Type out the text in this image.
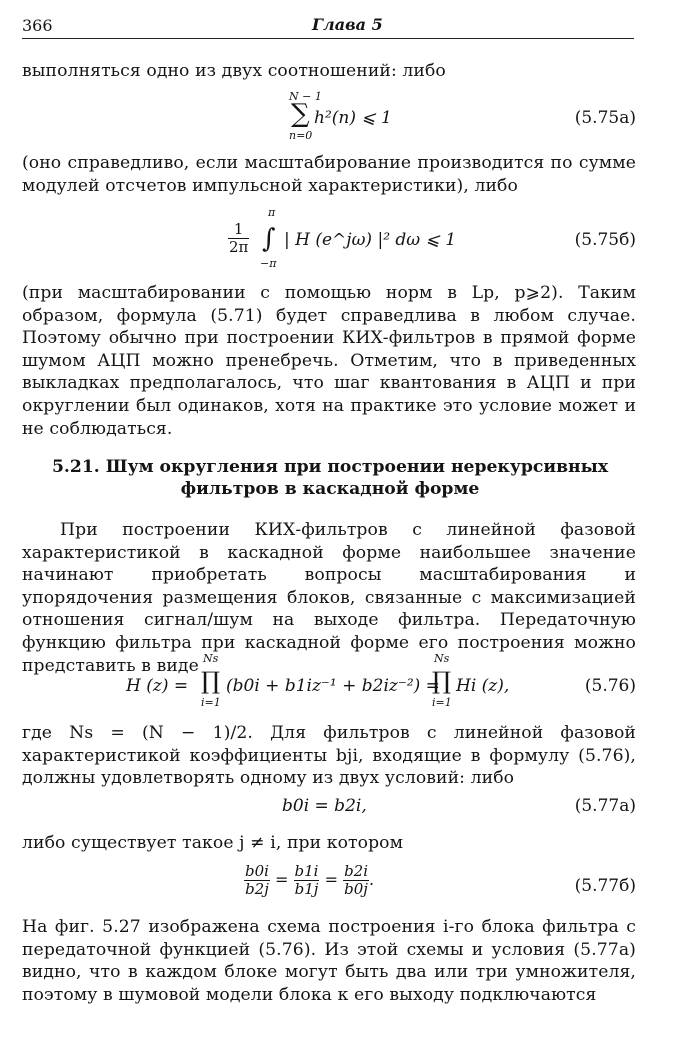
366	Глава 5

выполняться одно из двух соотношений: либо

N − 1
∑
n=0
h²(n) ⩽ 1	(5.75а)

(оно справедливо, если масштабирование производится по сумме модулей отсчетов импульсной характеристики), либо

$\frac{1}{2\pi}$
π
∫
−π
| H (e^jω) |² dω ⩽ 1	(5.75б)

(при масштабировании с помощью норм в Lp, p⩾2). Таким образом, формула (5.71) будет справедлива в любом случае. Поэтому обычно при построении КИХ-фильтров в прямой форме шумом АЦП можно пренебречь. Отметим, что в приведенных выкладках предполагалось, что шаг квантования в АЦП и при округлении был одинаков, хотя на практике это условие может и не соблюдаться.

5.21. Шум округления при построении нерекурсивных

фильтров в каскадной форме

При построении КИХ-фильтров с линейной фазовой характеристикой в каскадной форме наибольшее значение начинают приобретать вопросы масштабирования и упорядочения размещения блоков, связанные с максимизацией отношения сигнал/шум на выходе фильтра. Передаточную функцию фильтра при каскадной форме его построения можно представить в виде

H (z) =
Ns
∏
i=1
(b0i + b1iz⁻¹ + b2iz⁻²) =
Ns
∏
i=1
Hi (z),	(5.76)

где Ns = (N − 1)/2. Для фильтров с линейной фазовой характеристикой коэффициенты bji, входящие в формулу (5.76), должны удовлетворять одному из двух условий: либо

b0i = b2i,	(5.77а)

либо существует такое j ≠ i, при котором

$\frac{b0i}{b2j} = \frac{b1i}{b1j} = \frac{b2i}{b0j}$ .	(5.77б)

На фиг. 5.27 изображена схема построения i-го блока фильтра с передаточной функцией (5.76). Из этой схемы и условия (5.77а) видно, что в каждом блоке могут быть два или три умножителя, поэтому в шумовой модели блока к его выходу подключаются
